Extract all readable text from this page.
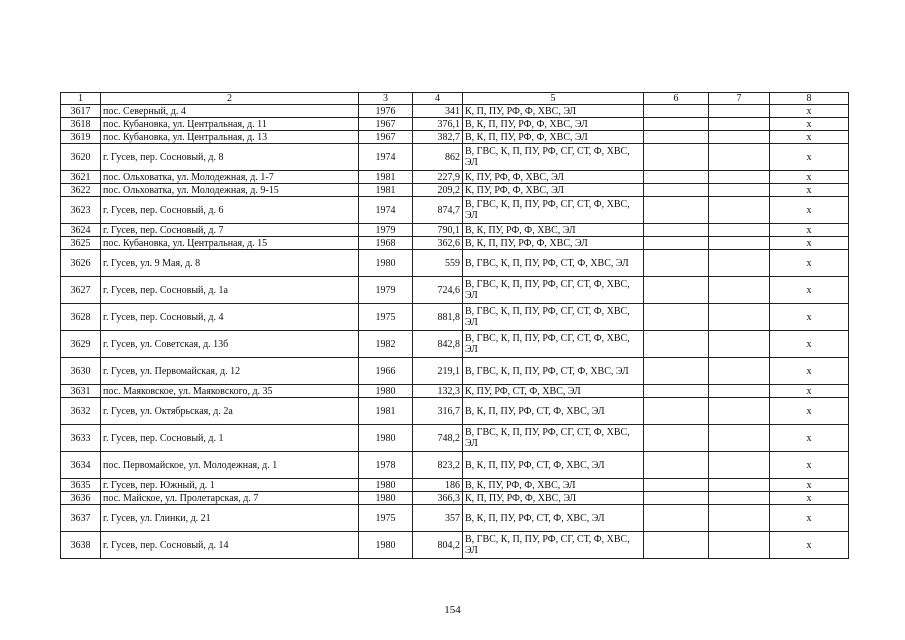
1	2	3	4	5	6	7	8
3617	пос. Северный, д. 4	1976	341	К, П, ПУ, РФ, Ф, ХВС, ЭЛ			х
3618	пос. Кубановка, ул. Центральная, д. 11	1967	376,1	В, К, П, ПУ, РФ, Ф, ХВС, ЭЛ			х
3619	пос. Кубановка, ул. Центральная, д. 13	1967	382,7	В, К, П, ПУ, РФ, Ф, ХВС, ЭЛ			х
3620	г. Гусев, пер. Сосновый, д. 8	1974	862	В, ГВС, К, П, ПУ, РФ, СГ, СТ, Ф, ХВС, ЭЛ			х
3621	пос. Ольховатка, ул. Молодежная, д. 1-7	1981	227,9	К, ПУ, РФ, Ф, ХВС, ЭЛ			х
3622	пос. Ольховатка, ул. Молодежная, д. 9-15	1981	209,2	К, ПУ, РФ, Ф, ХВС, ЭЛ			х
3623	г. Гусев, пер. Сосновый, д. 6	1974	874,7	В, ГВС, К, П, ПУ, РФ, СГ, СТ, Ф, ХВС, ЭЛ			х
3624	г. Гусев, пер. Сосновый, д. 7	1979	790,1	В, К, ПУ, РФ, Ф, ХВС, ЭЛ			х
3625	пос. Кубановка, ул. Центральная, д. 15	1968	362,6	В, К, П, ПУ, РФ, Ф, ХВС, ЭЛ			х
3626	г. Гусев, ул. 9 Мая, д. 8	1980	559	В, ГВС, К, П, ПУ, РФ, СТ, Ф, ХВС, ЭЛ			х
3627	г. Гусев, пер. Сосновый, д. 1а	1979	724,6	В, ГВС, К, П, ПУ, РФ, СГ, СТ, Ф, ХВС, ЭЛ			х
3628	г. Гусев, пер. Сосновый, д. 4	1975	881,8	В, ГВС, К, П, ПУ, РФ, СГ, СТ, Ф, ХВС, ЭЛ			х
3629	г. Гусев, ул. Советская, д. 13б	1982	842,8	В, ГВС, К, П, ПУ, РФ, СГ, СТ, Ф, ХВС, ЭЛ			х
3630	г. Гусев, ул. Первомайская, д. 12	1966	219,1	В, ГВС, К, П, ПУ, РФ, СТ, Ф, ХВС, ЭЛ			х
3631	пос. Маяковское, ул. Маяковского, д. 35	1980	132,3	К, ПУ, РФ, СТ, Ф, ХВС, ЭЛ			х
3632	г. Гусев, ул. Октябрьская, д. 2а	1981	316,7	В, К, П, ПУ, РФ, СТ, Ф, ХВС, ЭЛ			х
3633	г. Гусев, пер. Сосновый, д. 1	1980	748,2	В, ГВС, К, П, ПУ, РФ, СГ, СТ, Ф, ХВС, ЭЛ			х
3634	пос. Первомайское, ул. Молодежная, д. 1	1978	823,2	В, К, П, ПУ, РФ, СТ, Ф, ХВС, ЭЛ			х
3635	г. Гусев, пер. Южный, д. 1	1980	186	В, К, ПУ, РФ, Ф, ХВС, ЭЛ			х
3636	пос. Майское, ул. Пролетарская, д. 7	1980	366,3	К, П, ПУ, РФ, Ф, ХВС, ЭЛ			х
3637	г. Гусев, ул. Глинки, д. 21	1975	357	В, К, П, ПУ, РФ, СТ, Ф, ХВС, ЭЛ			х
3638	г. Гусев, пер. Сосновый, д. 14	1980	804,2	В, ГВС, К, П, ПУ, РФ, СГ, СТ, Ф, ХВС, ЭЛ			х
154
